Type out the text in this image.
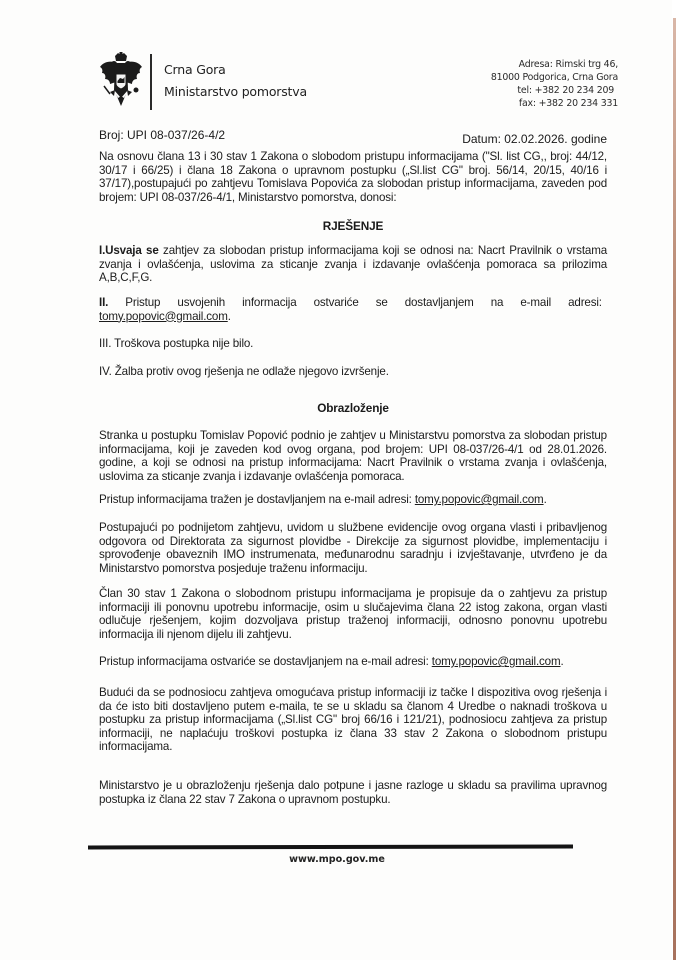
Crna Gora
Ministarstvo pomorstva
Adresa: Rimski trg 46,
81000 Podgorica, Crna Gora
tel: +382 20 234 209
fax: +382 20 234 331
Broj: UPI 08-037/26-4/2	Datum: 02.02.2026. godine

Na osnovu člana 13 i 30 stav 1 Zakona o slobodom pristupu informacijama ("Sl. list CG,, broj: 44/12, 30/17 i 66/25) i člana 18 Zakona o upravnom postupku („Sl.list CG" broj. 56/14, 20/15, 40/16 i 37/17),postupajući po zahtjevu Tomislava Popovića za slobodan pristup informacijama, zaveden pod brojem: UPI 08-037/26-4/1, Ministarstvo pomorstva, donosi:

RJEŠENJE

I.Usvaja se zahtjev za slobodan pristup informacijama koji se odnosi na: Nacrt Pravilnik o vrstama zvanja i ovlašćenja, uslovima za sticanje zvanja i izdavanje ovlašćenja pomoraca sa prilozima A,B,C,F,G.

II. Pristup usvojenih informacija ostvariće se dostavljanjem na e-mail adresi:

tomy.popovic@gmail.com.

III. Troškova postupka nije bilo.

IV. Žalba protiv ovog rješenja ne odlaže njegovo izvršenje.

Obrazloženje

Stranka u postupku Tomislav Popović podnio je zahtjev u Ministarstvu pomorstva za slobodan pristup informacijama, koji je zaveden kod ovog organa, pod brojem: UPI 08-037/26-4/1 od 28.01.2026. godine, a koji se odnosi na pristup informacijama: Nacrt Pravilnik o vrstama zvanja i ovlašćenja, uslovima za sticanje zvanja i izdavanje ovlašćenja pomoraca.

Pristup informacijama tražen je dostavljanjem na e-mail adresi: tomy.popovic@gmail.com.

Postupajući po podnijetom zahtjevu, uvidom u službene evidencije ovog organa vlasti i pribavljenog odgovora od Direktorata za sigurnost plovidbe - Direkcije za sigurnost plovidbe, implementaciju i sprovođenje obaveznih IMO instrumenata, međunarodnu saradnju i izvještavanje, utvrđeno je da Ministarstvo pomorstva posjeduje traženu informaciju.

Član 30 stav 1 Zakona o slobodnom pristupu informacijama je propisuje da o zahtjevu za pristup informaciji ili ponovnu upotrebu informacije, osim u slučajevima člana 22 istog zakona, organ vlasti odlučuje rješenjem, kojim dozvoljava pristup traženoj informaciji, odnosno ponovnu upotrebu informacija ili njenom dijelu ili zahtjevu.

Pristup informacijama ostvariće se dostavljanjem na e-mail adresi: tomy.popovic@gmail.com.

Budući da se podnosiocu zahtjeva omogućava pristup informaciji iz tačke I dispozitiva ovog rješenja i da će isto biti dostavljeno putem e-maila, te se u skladu sa članom 4 Uredbe o naknadi troškova u postupku za pristup informacijama („Sl.list CG" broj 66/16 i 121/21), podnosiocu zahtjeva za pristup informaciji, ne naplaćuju troškovi postupka iz člana 33 stav 2 Zakona o slobodnom pristupu informacijama.

Ministarstvo je u obrazloženju rješenja dalo potpune i jasne razloge u skladu sa pravilima upravnog postupka iz člana 22 stav 7 Zakona o upravnom postupku.

www.mpo.gov.me
